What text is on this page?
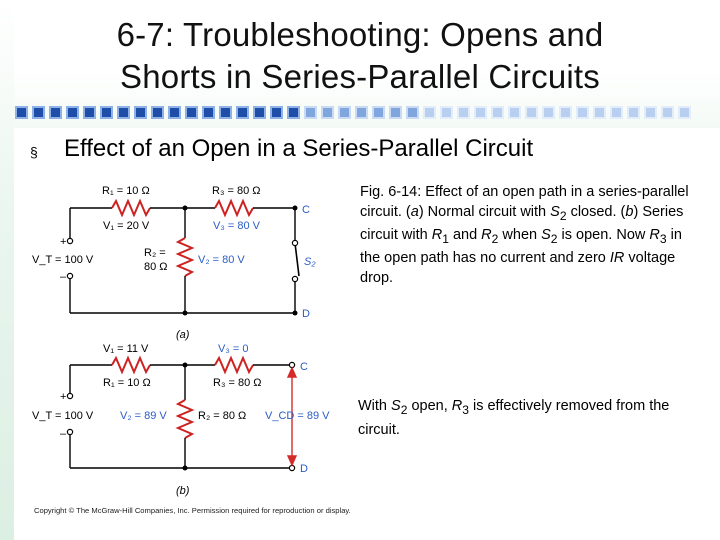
6-7: Troubleshooting: Opens and
Shorts in Series-Parallel Circuits
§ Effect of an Open in a Series-Parallel Circuit
R₁ = 10 Ω	R₃ = 80 Ω
V₁ = 20 V	V₃ = 80 V
V_T = 100 V
R₂ =
80 Ω
V₂ = 80 V
C
D
S₂
+
–
(a)
V₁ = 11 V	V₃ = 0
R₁ = 10 Ω	R₃ = 80 Ω
V_T = 100 V V₂ = 89 V	R₂ = 80 Ω V_CD = 89 V
C
D
+
–
(b)
Fig. 6-14: Effect of an open path in a series-parallel circuit. (a) Normal circuit with $S_2$ closed. (b) Series circuit with $R_1$ and $R_2$ when $S_2$ is open. Now $R_3$ in the open path has no current and zero IR voltage drop.
With $S_2$ open, $R_3$ is effectively removed from the circuit.
Copyright © The McGraw-Hill Companies, Inc. Permission required for reproduction or display.
